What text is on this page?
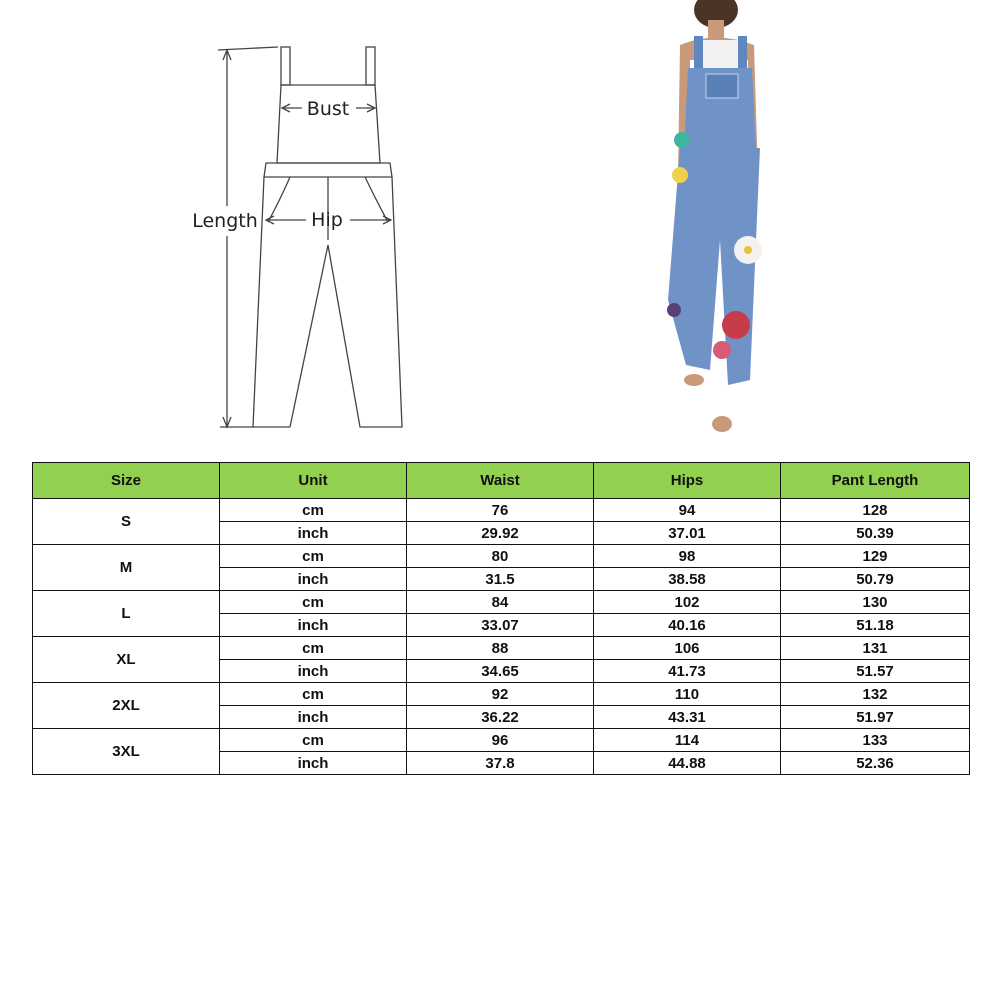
Bust
Length	Hip
Size	Unit	Waist	Hips	Pant Length
S	cm	76	94	128
	inch	29.92	37.01	50.39
M	cm	80	98	129
	inch	31.5	38.58	50.79
L	cm	84	102	130
	inch	33.07	40.16	51.18
XL	cm	88	106	131
	inch	34.65	41.73	51.57
2XL	cm	92	110	132
	inch	36.22	43.31	51.97
3XL	cm	96	114	133
	inch	37.8	44.88	52.36
